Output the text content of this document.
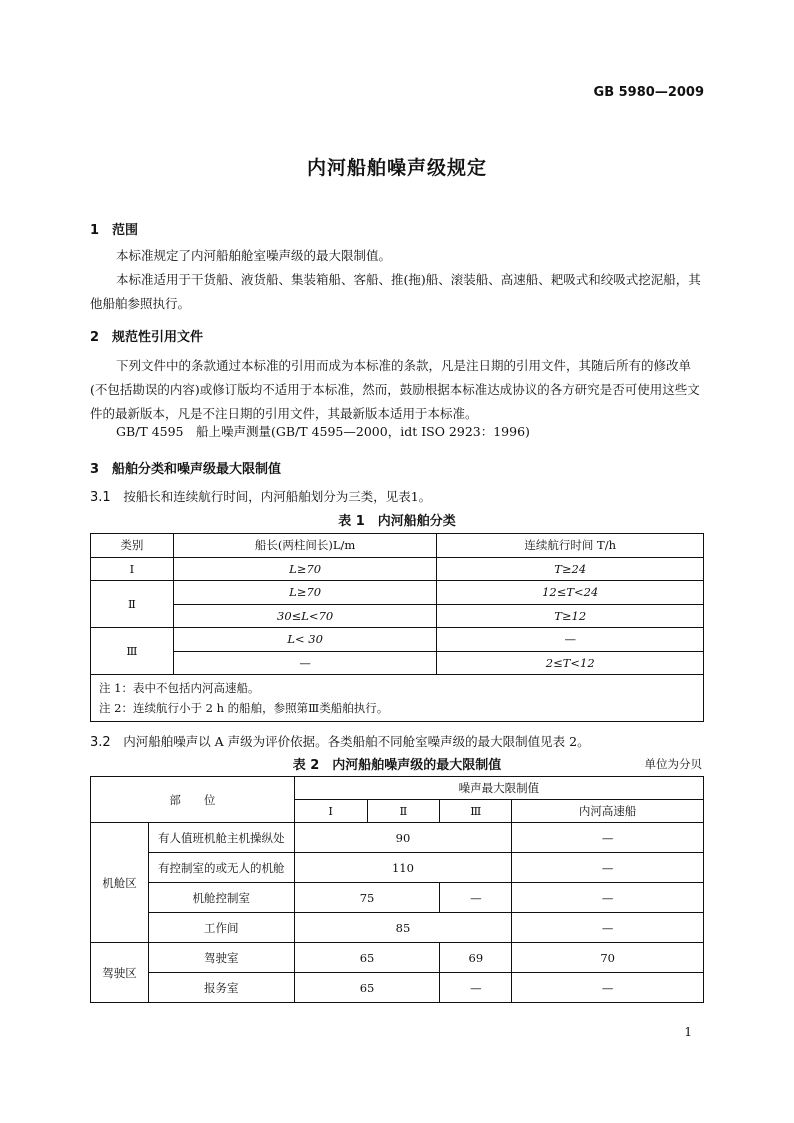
GB 5980—2009
内河船舶噪声级规定
1　范围
本标准规定了内河船舶舱室噪声级的最大限制值。
本标准适用于干货船、液货船、集装箱船、客船、推(拖)船、滚装船、高速船、耙吸式和绞吸式挖泥船，其他船舶参照执行。
2　规范性引用文件
下列文件中的条款通过本标准的引用而成为本标准的条款，凡是注日期的引用文件，其随后所有的修改单(不包括勘误的内容)或修订版均不适用于本标准，然而，鼓励根据本标准达成协议的各方研究是否可使用这些文件的最新版本，凡是不注日期的引用文件，其最新版本适用于本标准。
GB/T 4595　船上噪声测量(GB/T 4595—2000，idt ISO 2923：1996)
3　船舶分类和噪声级最大限制值
3.1　 按船长和连续航行时间，内河船舶划分为三类，见表1。
表 1　内河船舶分类
类别	船长(两柱间长)L/m	连续航行时间 T/h
Ⅰ	L≥70	T≥24
Ⅱ	L≥70	12≤T<24
	30≤L<70	T≥12
Ⅲ	L< 30	—
	—	2≤T<12

注 1：表中不包括内河高速船。
注 2：连续航行小于 2 h 的船舶，参照第Ⅲ类船舶执行。		
3.2　 内河船舶噪声以 A 声级为评价依据。各类船舶不同舱室噪声级的最大限制值见表 2。
表 2　内河船舶噪声级的最大限制值	单位为分贝
部　　位		噪声最大限制值			
		Ⅰ	Ⅱ	Ⅲ	内河高速船
机舱区	有人值班机舱主机操纵处	90			—
	有控制室的或无人的机舱	110			—
	机舱控制室	75		—	—
	工作间	85			—
驾驶区	驾驶室	65		69	70
	报务室	65		—	—
1
